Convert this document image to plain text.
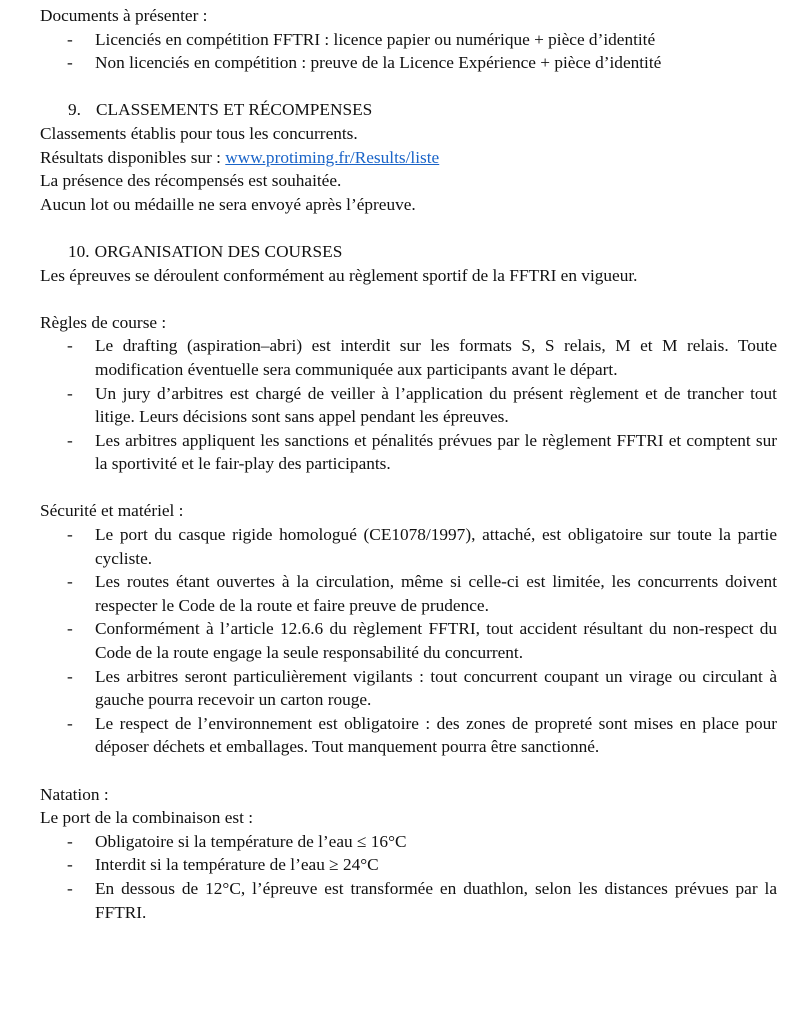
Documents à présenter :
- Licenciés en compétition FFTRI : licence papier ou numérique + pièce d’identité
- Non licenciés en compétition : preuve de la Licence Expérience + pièce d’identité
9. CLASSEMENTS ET RÉCOMPENSES
Classements établis pour tous les concurrents.
Résultats disponibles sur : www.protiming.fr/Results/liste
La présence des récompensés est souhaitée.
Aucun lot ou médaille ne sera envoyé après l’épreuve.
10. ORGANISATION DES COURSES
Les épreuves se déroulent conformément au règlement sportif de la FFTRI en vigueur.
Règles de course :
- Le drafting (aspiration–abri) est interdit sur les formats S, S relais, M et M relais. Toute modification éventuelle sera communiquée aux participants avant le départ.
- Un jury d’arbitres est chargé de veiller à l’application du présent règlement et de trancher tout litige. Leurs décisions sont sans appel pendant les épreuves.
- Les arbitres appliquent les sanctions et pénalités prévues par le règlement FFTRI et comptent sur la sportivité et le fair-play des participants.
Sécurité et matériel :
- Le port du casque rigide homologué (CE1078/1997), attaché, est obligatoire sur toute la partie cycliste.
- Les routes étant ouvertes à la circulation, même si celle-ci est limitée, les concurrents doivent respecter le Code de la route et faire preuve de prudence.
- Conformément à l’article 12.6.6 du règlement FFTRI, tout accident résultant du non-respect du Code de la route engage la seule responsabilité du concurrent.
- Les arbitres seront particulièrement vigilants : tout concurrent coupant un virage ou circulant à gauche pourra recevoir un carton rouge.
- Le respect de l’environnement est obligatoire : des zones de propreté sont mises en place pour déposer déchets et emballages. Tout manquement pourra être sanctionné.
Natation :
Le port de la combinaison est :
- Obligatoire si la température de l’eau ≤ 16°C
- Interdit si la température de l’eau ≥ 24°C
- En dessous de 12°C, l’épreuve est transformée en duathlon, selon les distances prévues par la FFTRI.
